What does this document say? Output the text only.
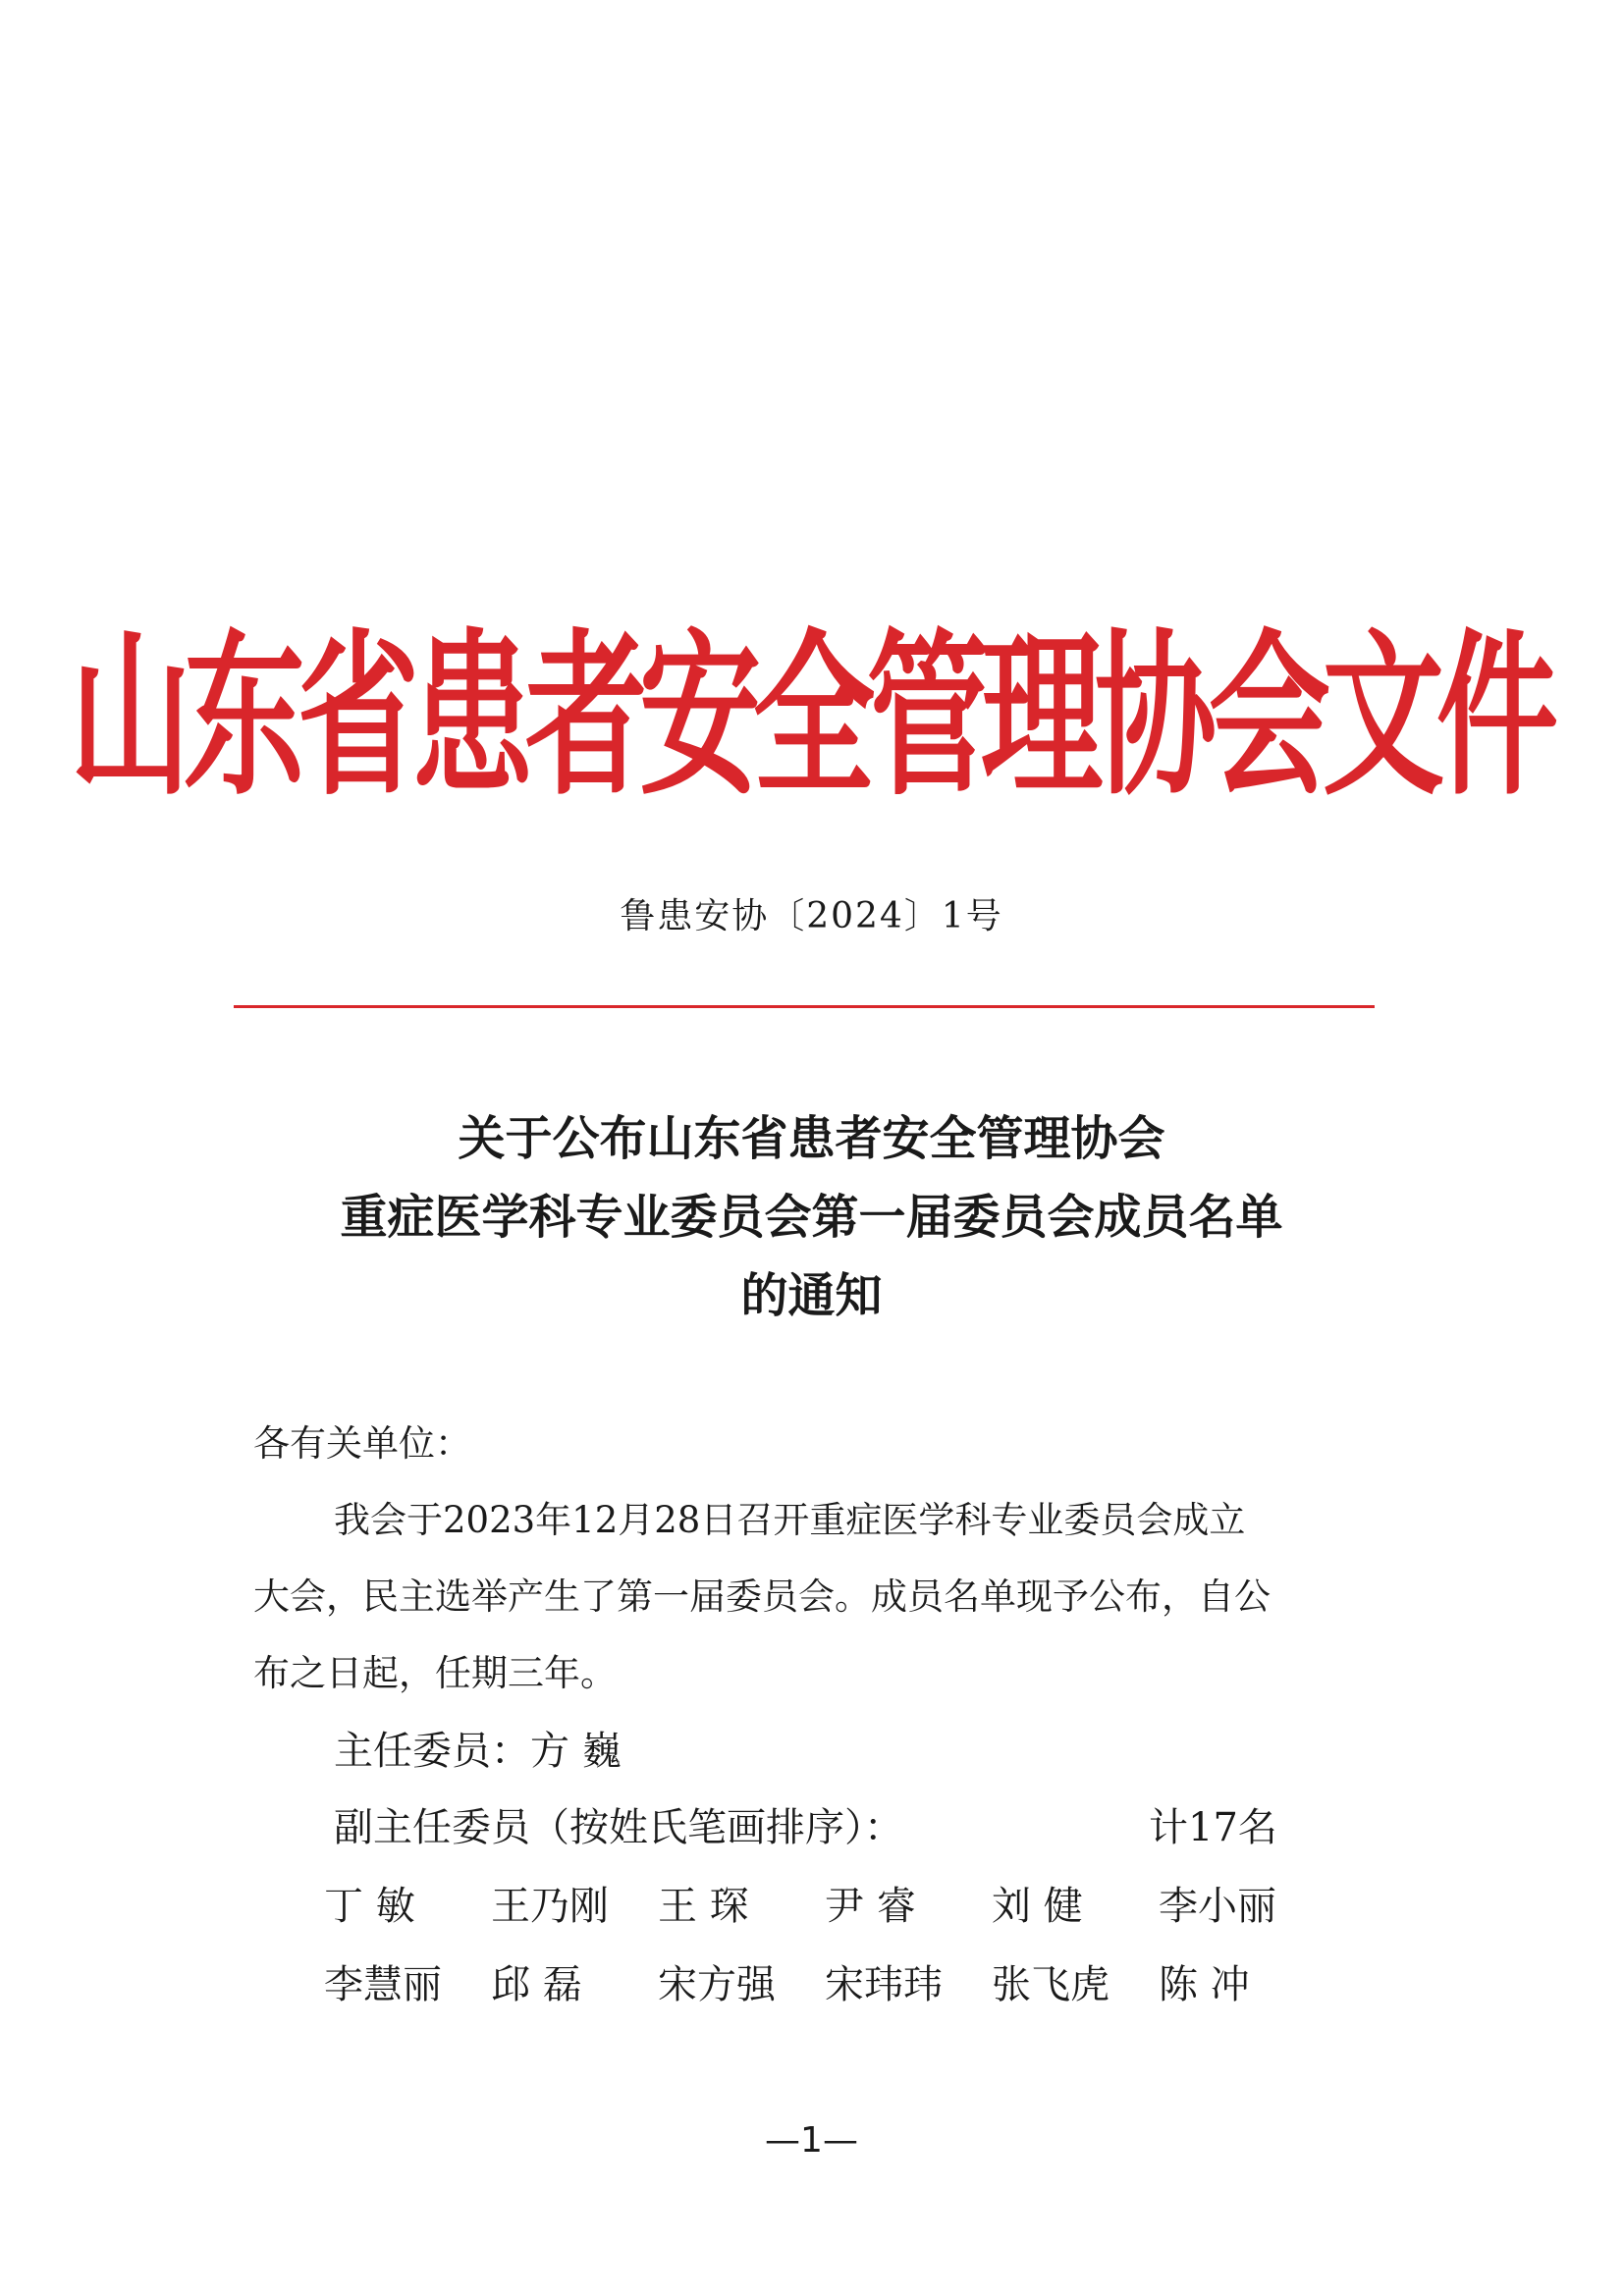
山东省患者安全管理协会文件
鲁患安协〔2024〕1号
关于公布山东省患者安全管理协会
重症医学科专业委员会第一届委员会成员名单
的通知
各有关单位：
我会于2023年12月28日召开重症医学科专业委员会成立
大会，民主选举产生了第一届委员会。成员名单现予公布，自公
布之日起，任期三年。
主任委员：方 巍
副主任委员（按姓氏笔画排序）：	计17名
丁 敏 王乃刚 王 琛 尹 睿 刘 健 李小丽
李慧丽 邱 磊 宋方强 宋玮玮 张飞虎 陈 冲
—1—
